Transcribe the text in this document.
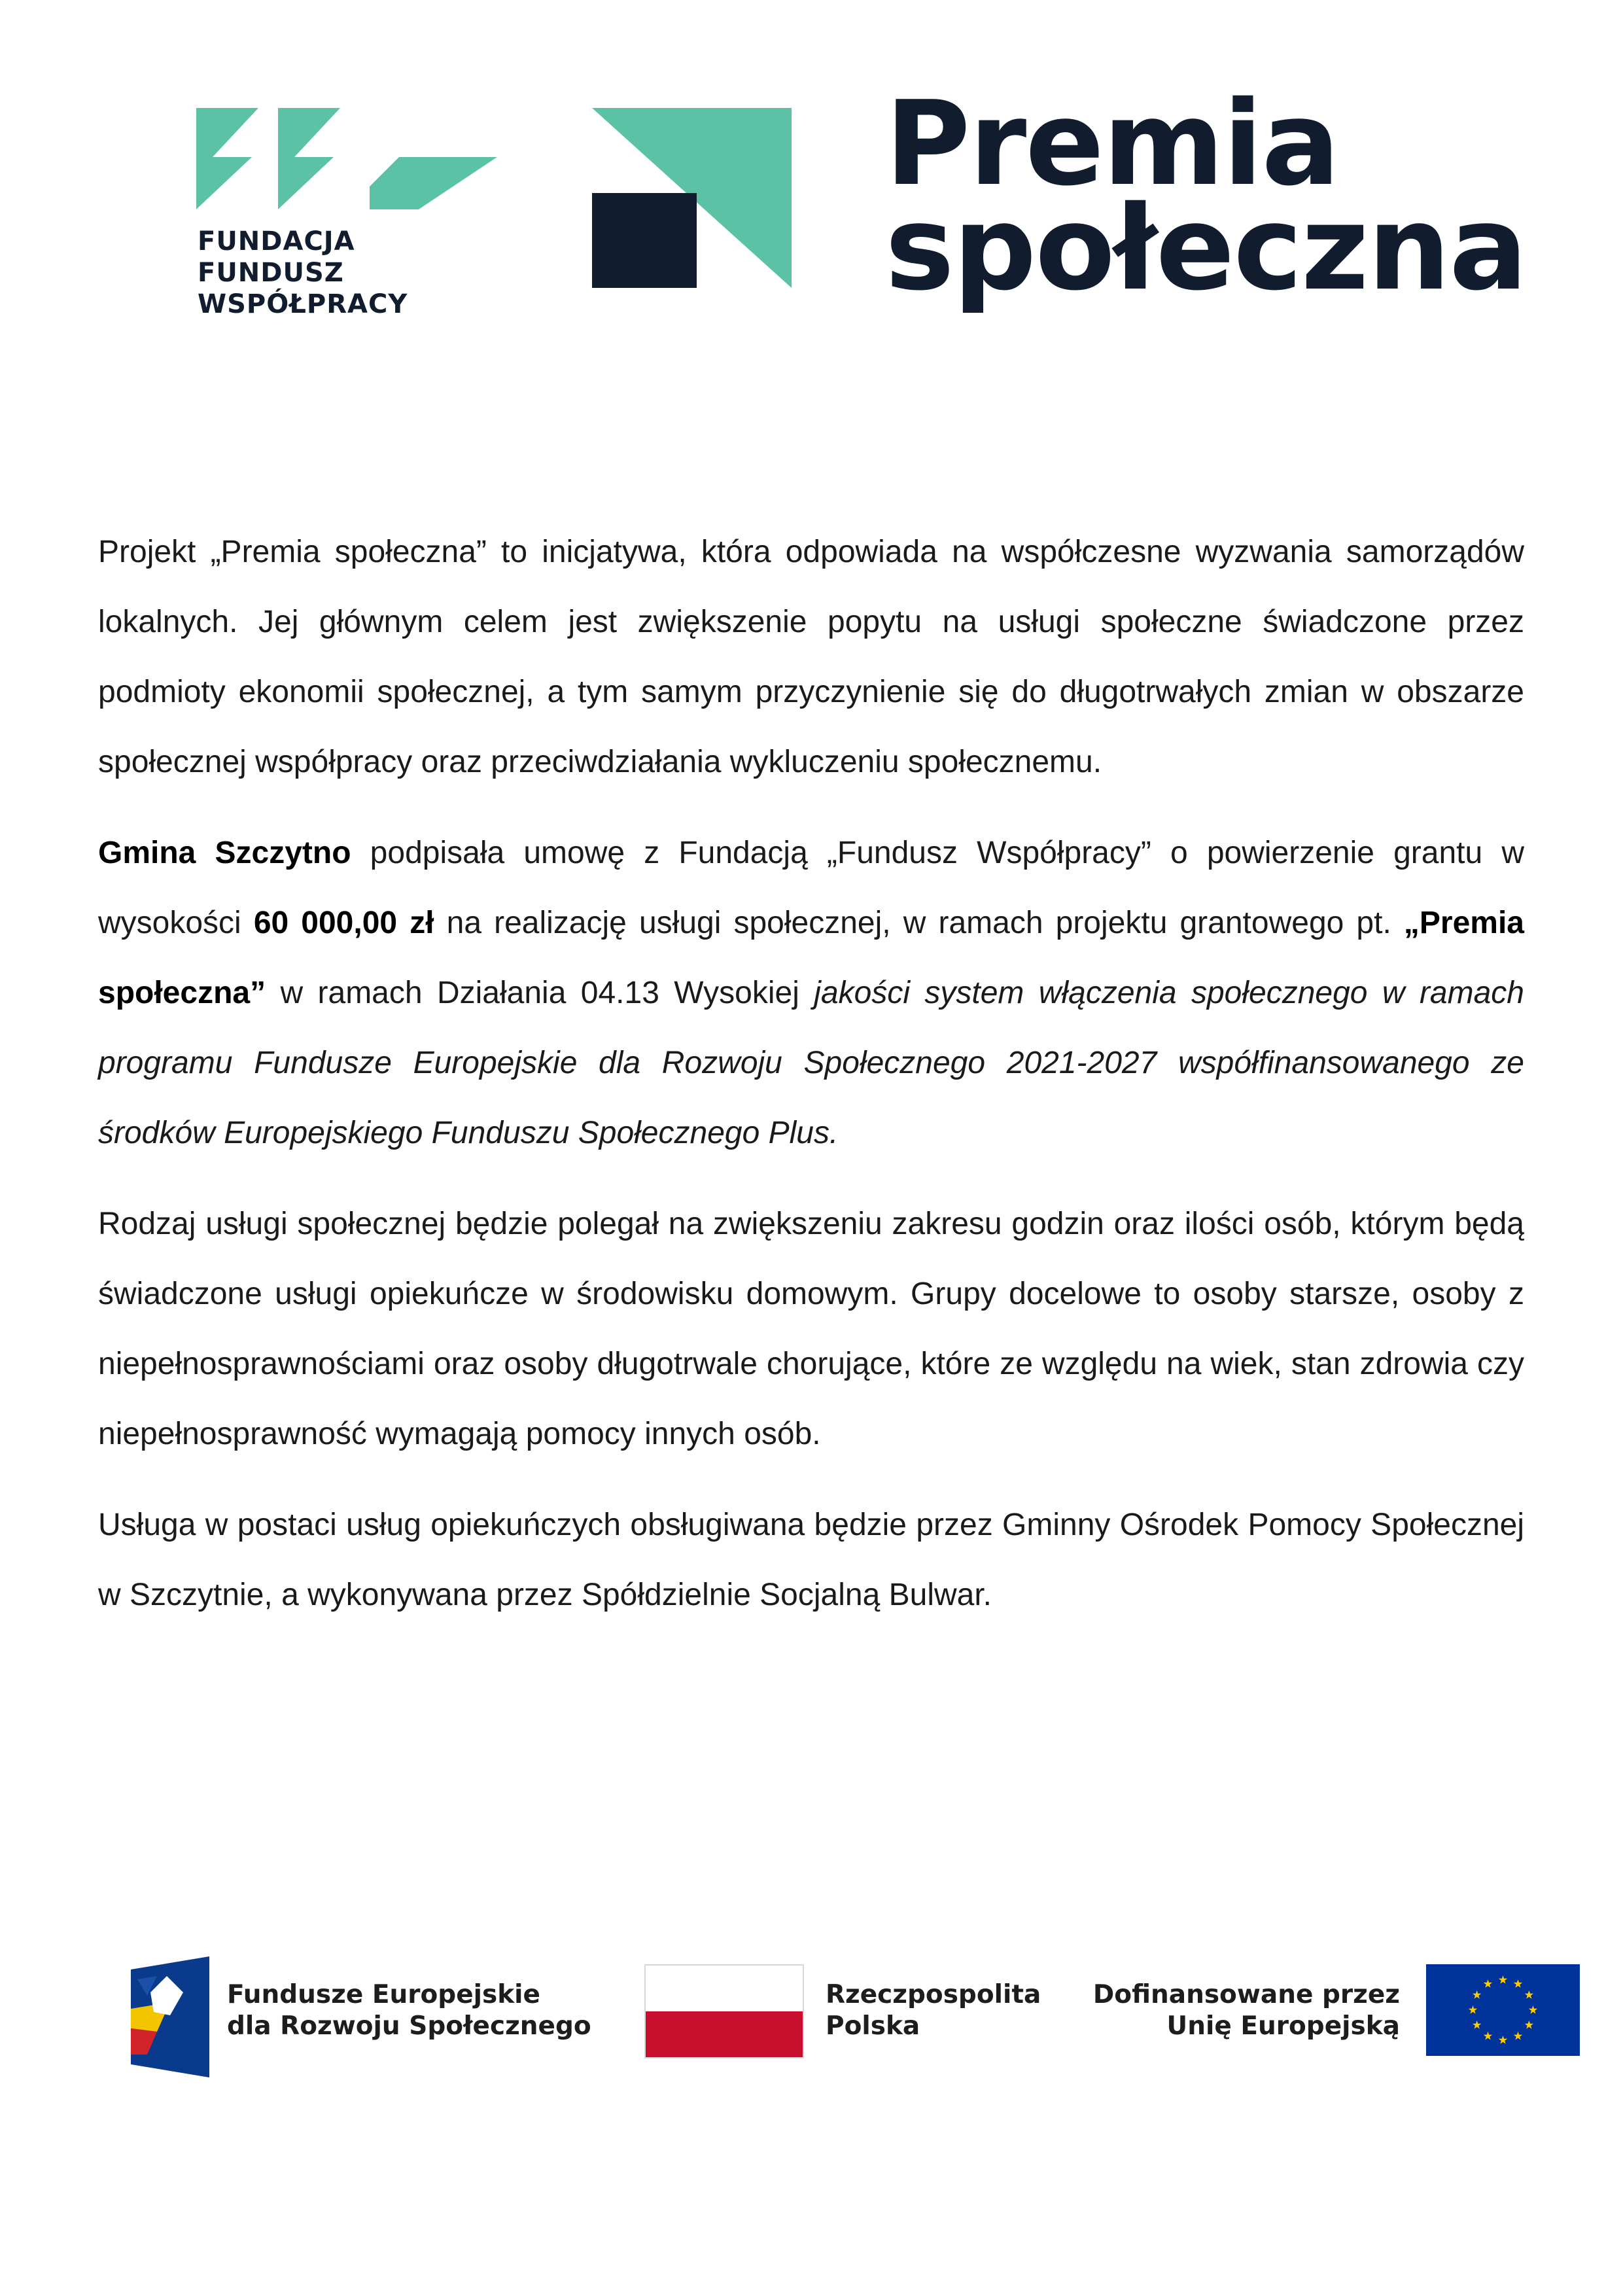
FUNDACJA
FUNDUSZ
WSPÓŁPRACY
Premia
społeczna

Projekt „Premia społeczna” to inicjatywa, która odpowiada na współczesne wyzwania samorządów lokalnych. Jej głównym celem jest zwiększenie popytu na usługi społeczne świadczone przez podmioty ekonomii społecznej, a tym samym przyczynienie się do długotrwałych zmian w obszarze społecznej współpracy oraz przeciwdziałania wykluczeniu społecznemu.

Gmina Szczytno podpisała umowę z Fundacją „Fundusz Współpracy” o powierzenie grantu w wysokości 60 000,00 zł na realizację usługi społecznej, w ramach projektu grantowego pt. „Premia społeczna” w ramach Działania 04.13 Wysokiej jakości system włączenia społecznego w ramach programu Fundusze Europejskie dla Rozwoju Społecznego 2021-2027 współfinansowanego ze środków Europejskiego Funduszu Społecznego Plus.

Rodzaj usługi społecznej będzie polegał na zwiększeniu zakresu godzin oraz ilości osób, którym będą świadczone usługi opiekuńcze w środowisku domowym. Grupy docelowe to osoby starsze, osoby z niepełnosprawnościami oraz osoby długotrwale chorujące, które ze względu na wiek, stan zdrowia czy niepełnosprawność wymagają pomocy innych osób.

Usługa w postaci usług opiekuńczych obsługiwana będzie przez Gminny Ośrodek Pomocy Społecznej w Szczytnie, a wykonywana przez Spółdzielnie Socjalną Bulwar.

Fundusze Europejskie
dla Rozwoju Społecznego
Rzeczpospolita
Polska
Dofinansowane przez
Unię Europejską
